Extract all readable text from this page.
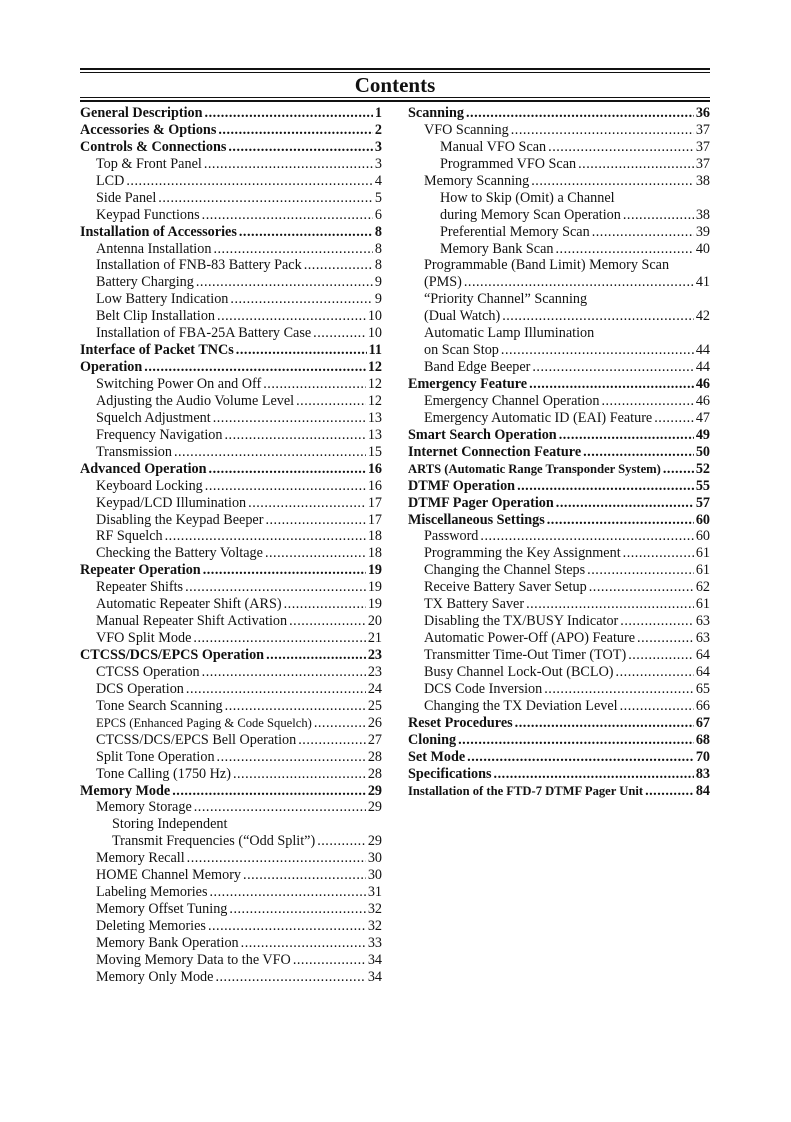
Contents
General Description .....	1
Accessories & Options .....	2
Controls & Connections .....	3
Top & Front Panel .....	3
LCD .....	4
Side Panel .....	5
Keypad Functions .....	6
Installation of Accessories .....	8
Antenna Installation .....	8
Installation of FNB-83 Battery Pack .....	8
Battery Charging .....	9
Low Battery Indication .....	9
Belt Clip Installation .....	10
Installation of FBA-25A Battery Case .....	10
Interface of Packet TNCs .....	11
Operation .....	12
Switching Power On and Off .....	12
Adjusting the Audio Volume Level .....	12
Squelch Adjustment .....	13
Frequency Navigation .....	13
Transmission .....	15
Advanced Operation .....	16
Keyboard Locking .....	16
Keypad/LCD Illumination .....	17
Disabling the Keypad Beeper .....	17
RF Squelch .....	18
Checking the Battery Voltage .....	18
Repeater Operation .....	19
Repeater Shifts .....	19
Automatic Repeater Shift (ARS) .....	19
Manual Repeater Shift Activation .....	20
VFO Split Mode .....	21
CTCSS/DCS/EPCS Operation .....	23
CTCSS Operation .....	23
DCS Operation .....	24
Tone Search Scanning .....	25
EPCS (Enhanced Paging & Code Squelch) .....	26
CTCSS/DCS/EPCS Bell Operation .....	27
Split Tone Operation .....	28
Tone Calling (1750 Hz) .....	28
Memory Mode .....	29
Memory Storage .....	29
Storing Independent
Transmit Frequencies (“Odd Split”) .....	29
Memory Recall .....	30
HOME Channel Memory .....	30
Labeling Memories .....	31
Memory Offset Tuning .....	32
Deleting Memories .....	32
Memory Bank Operation .....	33
Moving Memory Data to the VFO .....	34
Memory Only Mode .....	34
Scanning .....	36
VFO Scanning .....	37
Manual VFO Scan .....	37
Programmed VFO Scan .....	37
Memory Scanning .....	38
How to Skip (Omit) a Channel
during Memory Scan Operation .....	38
Preferential Memory Scan .....	39
Memory Bank Scan .....	40
Programmable (Band Limit) Memory Scan
(PMS) .....	41
“Priority Channel” Scanning
(Dual Watch) .....	42
Automatic Lamp Illumination
on Scan Stop .....	44
Band Edge Beeper .....	44
Emergency Feature .....	46
Emergency Channel Operation .....	46
Emergency Automatic ID (EAI) Feature .....	47
Smart Search Operation .....	49
Internet Connection Feature .....	50
ARTS (Automatic Range Transponder System) ..... 52
DTMF Operation .....	55
DTMF Pager Operation .....	57
Miscellaneous Settings .....	60
Password .....	60
Programming the Key Assignment .....	61
Changing the Channel Steps .....	61
Receive Battery Saver Setup .....	62
TX Battery Saver .....	61
Disabling the TX/BUSY Indicator .....	63
Automatic Power-Off (APO) Feature .....	63
Transmitter Time-Out Timer (TOT) .....	64
Busy Channel Lock-Out (BCLO) .....	64
DCS Code Inversion .....	65
Changing the TX Deviation Level .....	66
Reset Procedures .....	67
Cloning .....	68
Set Mode .....	70
Specifications .....	83
Installation of the FTD-7 DTMF Pager Unit .....	84
